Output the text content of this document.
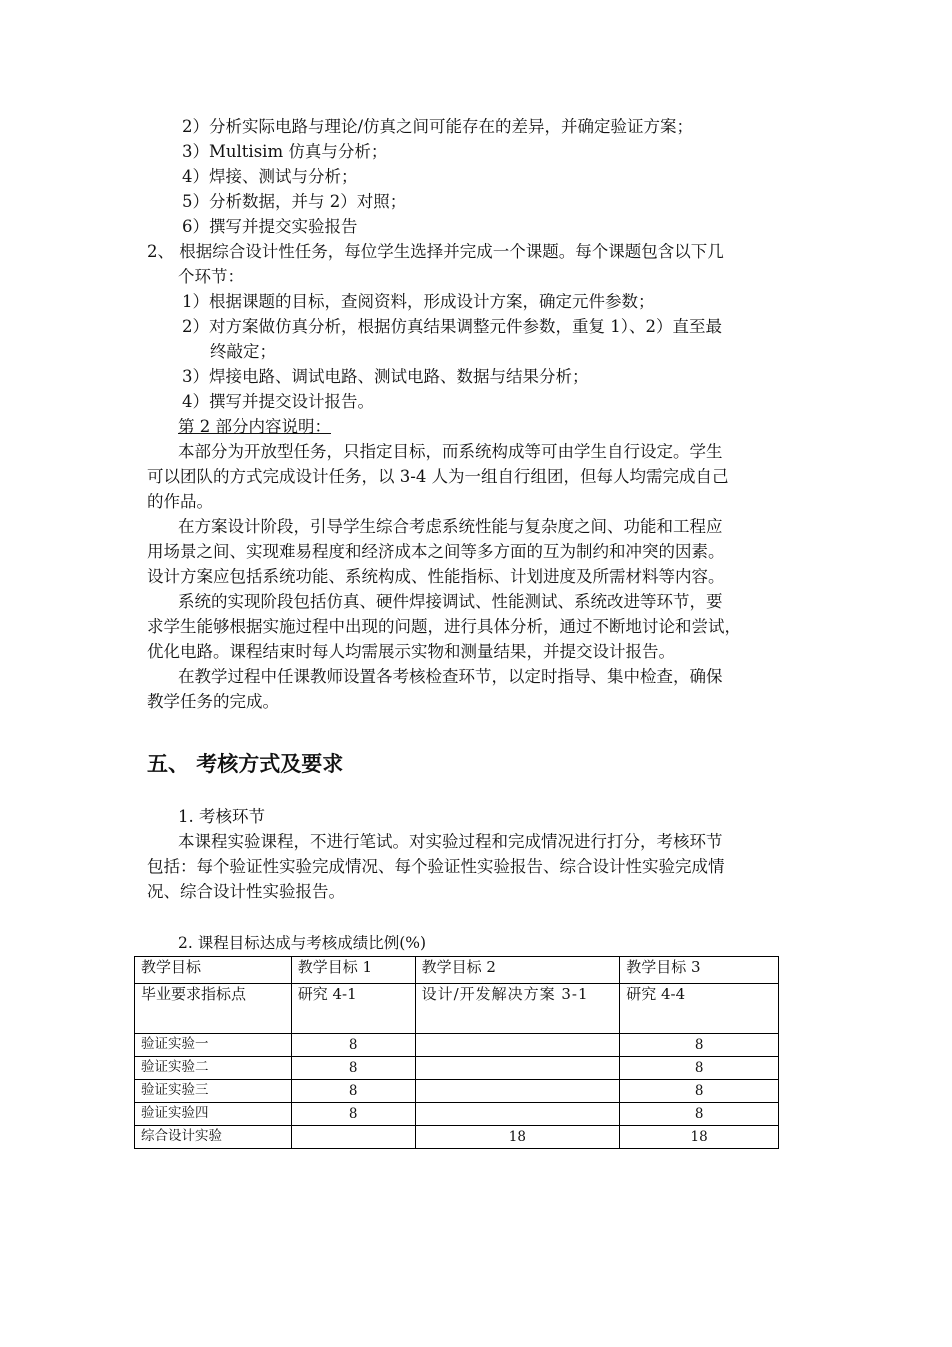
2）分析实际电路与理论/仿真之间可能存在的差异，并确定验证方案；
3）Multisim 仿真与分析；
4）焊接、测试与分析；
5）分析数据，并与 2）对照；
6）撰写并提交实验报告
2、 根据综合设计性任务，每位学生选择并完成一个课题。每个课题包含以下几
个环节：
1）根据课题的目标，查阅资料，形成设计方案，确定元件参数；
2）对方案做仿真分析，根据仿真结果调整元件参数，重复 1）、2）直至最
终敲定；
3）焊接电路、调试电路、测试电路、数据与结果分析；
4）撰写并提交设计报告。
第 2 部分内容说明：
本部分为开放型任务，只指定目标，而系统构成等可由学生自行设定。学生
可以团队的方式完成设计任务，以 3-4 人为一组自行组团，但每人均需完成自己
的作品。
在方案设计阶段，引导学生综合考虑系统性能与复杂度之间、功能和工程应
用场景之间、实现难易程度和经济成本之间等多方面的互为制约和冲突的因素。
设计方案应包括系统功能、系统构成、性能指标、计划进度及所需材料等内容。
系统的实现阶段包括仿真、硬件焊接调试、性能测试、系统改进等环节，要
求学生能够根据实施过程中出现的问题，进行具体分析，通过不断地讨论和尝试，
优化电路。课程结束时每人均需展示实物和测量结果，并提交设计报告。
在教学过程中任课教师设置各考核检查环节，以定时指导、集中检查，确保
教学任务的完成。
五、 考核方式及要求
1. 考核环节
本课程实验课程，不进行笔试。对实验过程和完成情况进行打分，考核环节
包括：每个验证性实验完成情况、每个验证性实验报告、综合设计性实验完成情
况、综合设计性实验报告。
2. 课程目标达成与考核成绩比例(%)
教学目标	教学目标 1	教学目标 2	教学目标 3
毕业要求指标点	研究 4-1	设计/开发解决方案 3-1	研究 4-4
验证实验一	8		8
验证实验二	8		8
验证实验三	8		8
验证实验四	8		8
综合设计实验		18	18
